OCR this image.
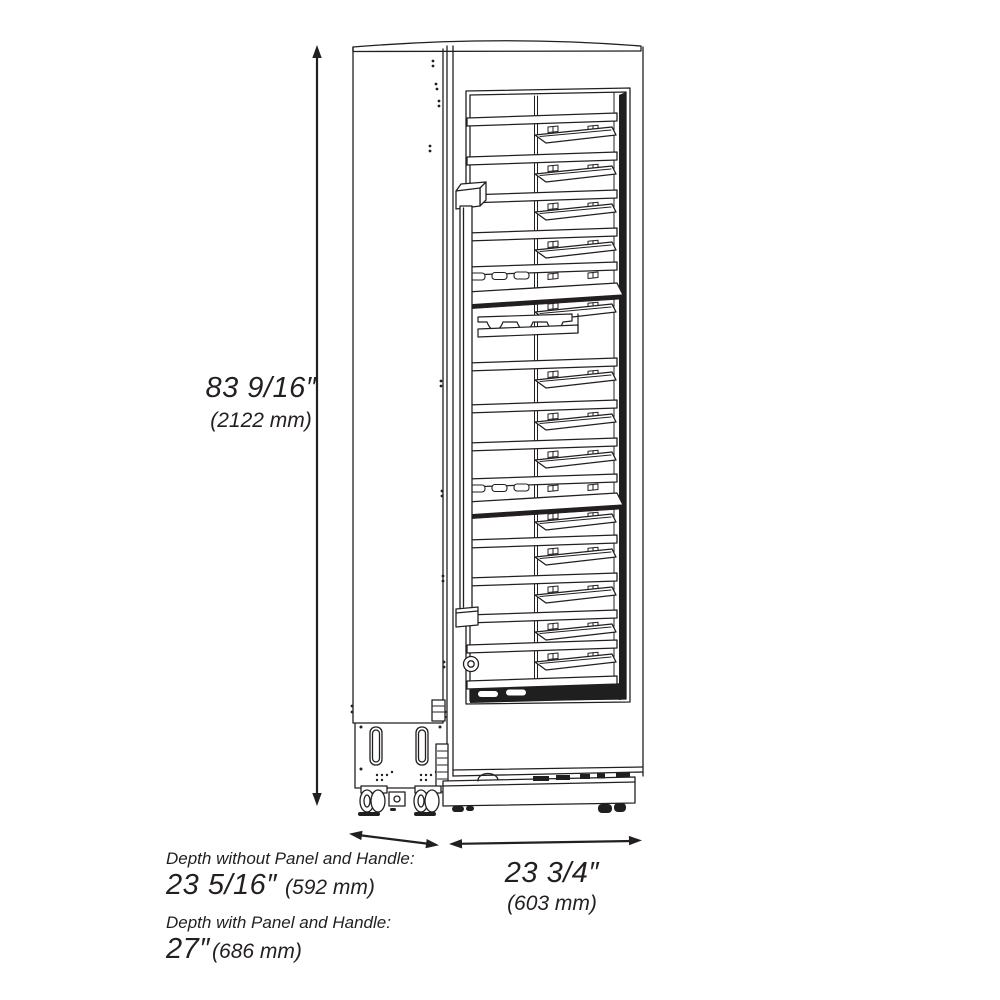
83 9/16″
(2122 mm)
23 3/4″
(603 mm)
Depth without Panel and Handle:
23 5/16″ (592 mm)
Depth with Panel and Handle:
27″(686 mm)
